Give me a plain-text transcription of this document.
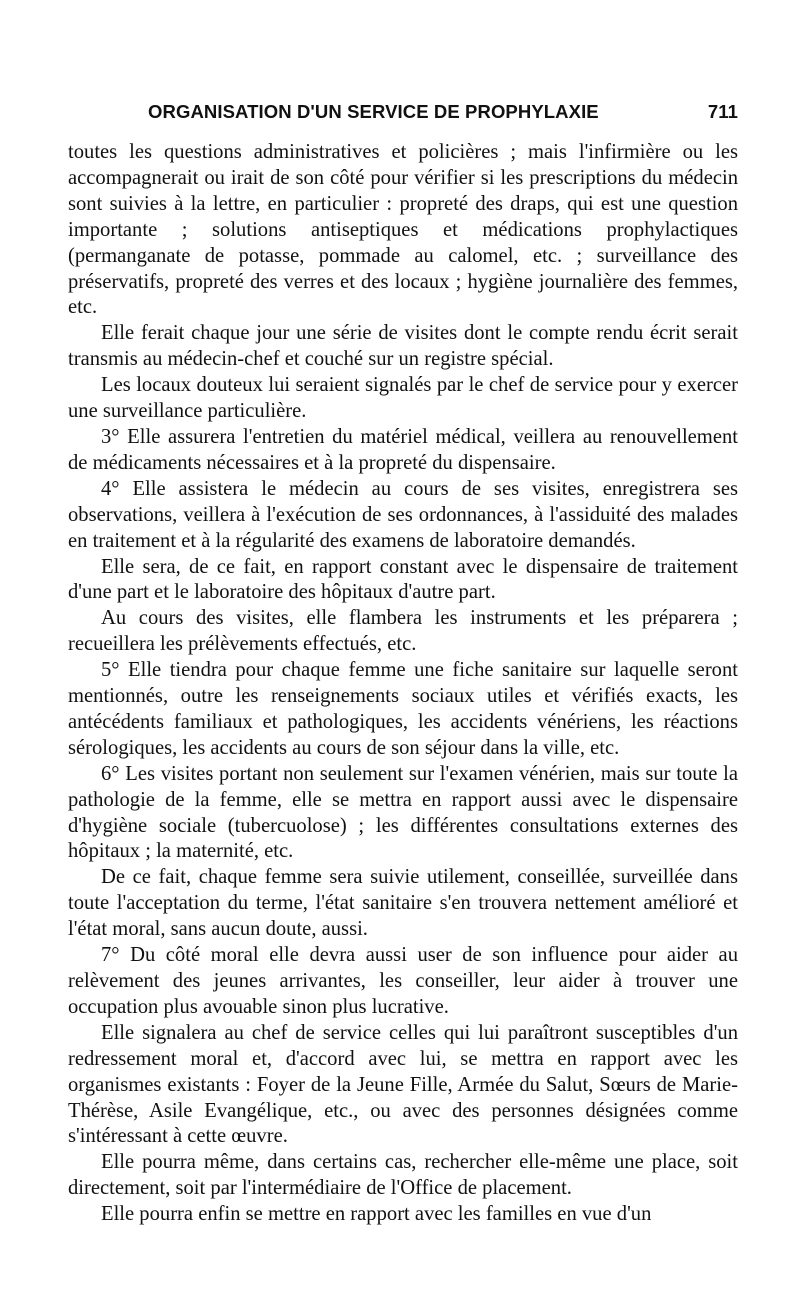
ORGANISATION D'UN SERVICE DE PROPHYLAXIE	711

toutes les questions administratives et policières ; mais l'infirmière ou les accompagnerait ou irait de son côté pour vérifier si les prescriptions du médecin sont suivies à la lettre, en particulier : propreté des draps, qui est une question importante ; solutions antiseptiques et médications prophylactiques (permanganate de potasse, pommade au calomel, etc. ; surveillance des préservatifs, propreté des verres et des locaux ; hygiène journalière des femmes, etc.

Elle ferait chaque jour une série de visites dont le compte rendu écrit serait transmis au médecin-chef et couché sur un registre spécial.

Les locaux douteux lui seraient signalés par le chef de service pour y exercer une surveillance particulière.

3° Elle assurera l'entretien du matériel médical, veillera au renouvellement de médicaments nécessaires et à la propreté du dispensaire.

4° Elle assistera le médecin au cours de ses visites, enregistrera ses observations, veillera à l'exécution de ses ordonnances, à l'assiduité des malades en traitement et à la régularité des examens de laboratoire demandés.

Elle sera, de ce fait, en rapport constant avec le dispensaire de traitement d'une part et le laboratoire des hôpitaux d'autre part.

Au cours des visites, elle flambera les instruments et les préparera ; recueillera les prélèvements effectués, etc.

5° Elle tiendra pour chaque femme une fiche sanitaire sur laquelle seront mentionnés, outre les renseignements sociaux utiles et vérifiés exacts, les antécédents familiaux et pathologiques, les accidents vénériens, les réactions sérologiques, les accidents au cours de son séjour dans la ville, etc.

6° Les visites portant non seulement sur l'examen vénérien, mais sur toute la pathologie de la femme, elle se mettra en rapport aussi avec le dispensaire d'hygiène sociale (tubercuolose) ; les différentes consultations externes des hôpitaux ; la maternité, etc.

De ce fait, chaque femme sera suivie utilement, conseillée, surveillée dans toute l'acceptation du terme, l'état sanitaire s'en trouvera nettement amélioré et l'état moral, sans aucun doute, aussi.

7° Du côté moral elle devra aussi user de son influence pour aider au relèvement des jeunes arrivantes, les conseiller, leur aider à trouver une occupation plus avouable sinon plus lucrative.

Elle signalera au chef de service celles qui lui paraîtront susceptibles d'un redressement moral et, d'accord avec lui, se mettra en rapport avec les organismes existants : Foyer de la Jeune Fille, Armée du Salut, Sœurs de Marie-Thérèse, Asile Evangélique, etc., ou avec des personnes désignées comme s'intéressant à cette œuvre.

Elle pourra même, dans certains cas, rechercher elle-même une place, soit directement, soit par l'intermédiaire de l'Office de placement.

Elle pourra enfin se mettre en rapport avec les familles en vue d'un
